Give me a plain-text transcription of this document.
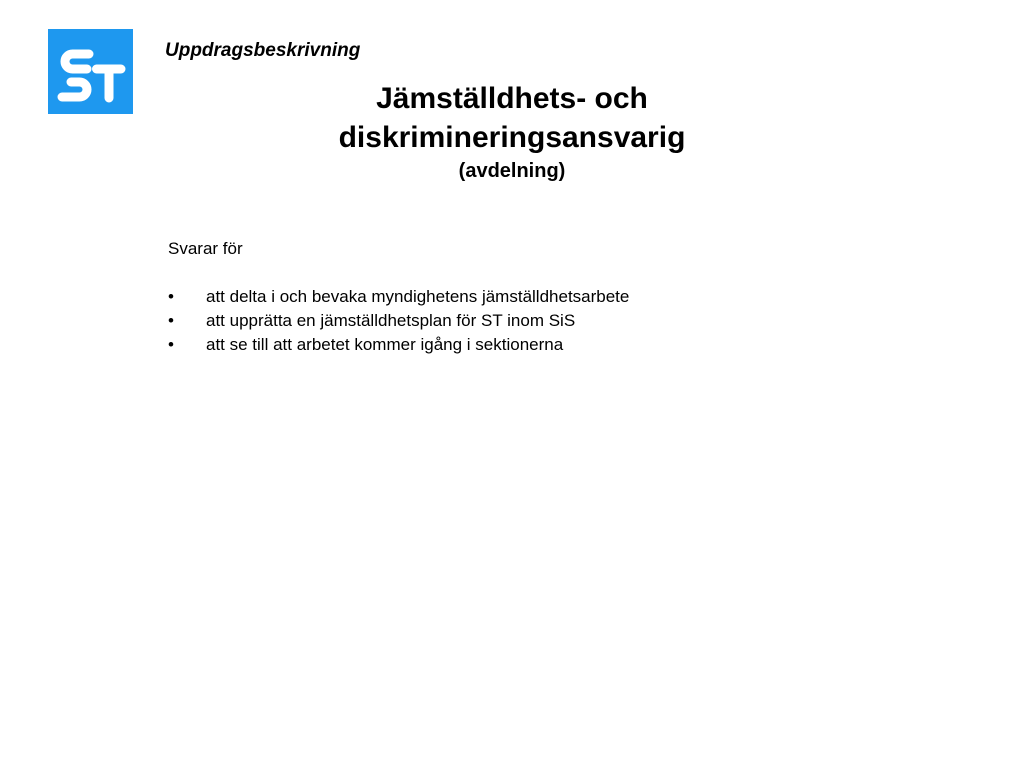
Uppdragsbeskrivning
Jämställdhets- och
diskrimineringsansvarig
(avdelning)

Svarar för

•	att delta i och bevaka myndighetens jämställdhetsarbete
•	att upprätta en jämställdhetsplan för ST inom SiS
•	att se till att arbetet kommer igång i sektionerna
